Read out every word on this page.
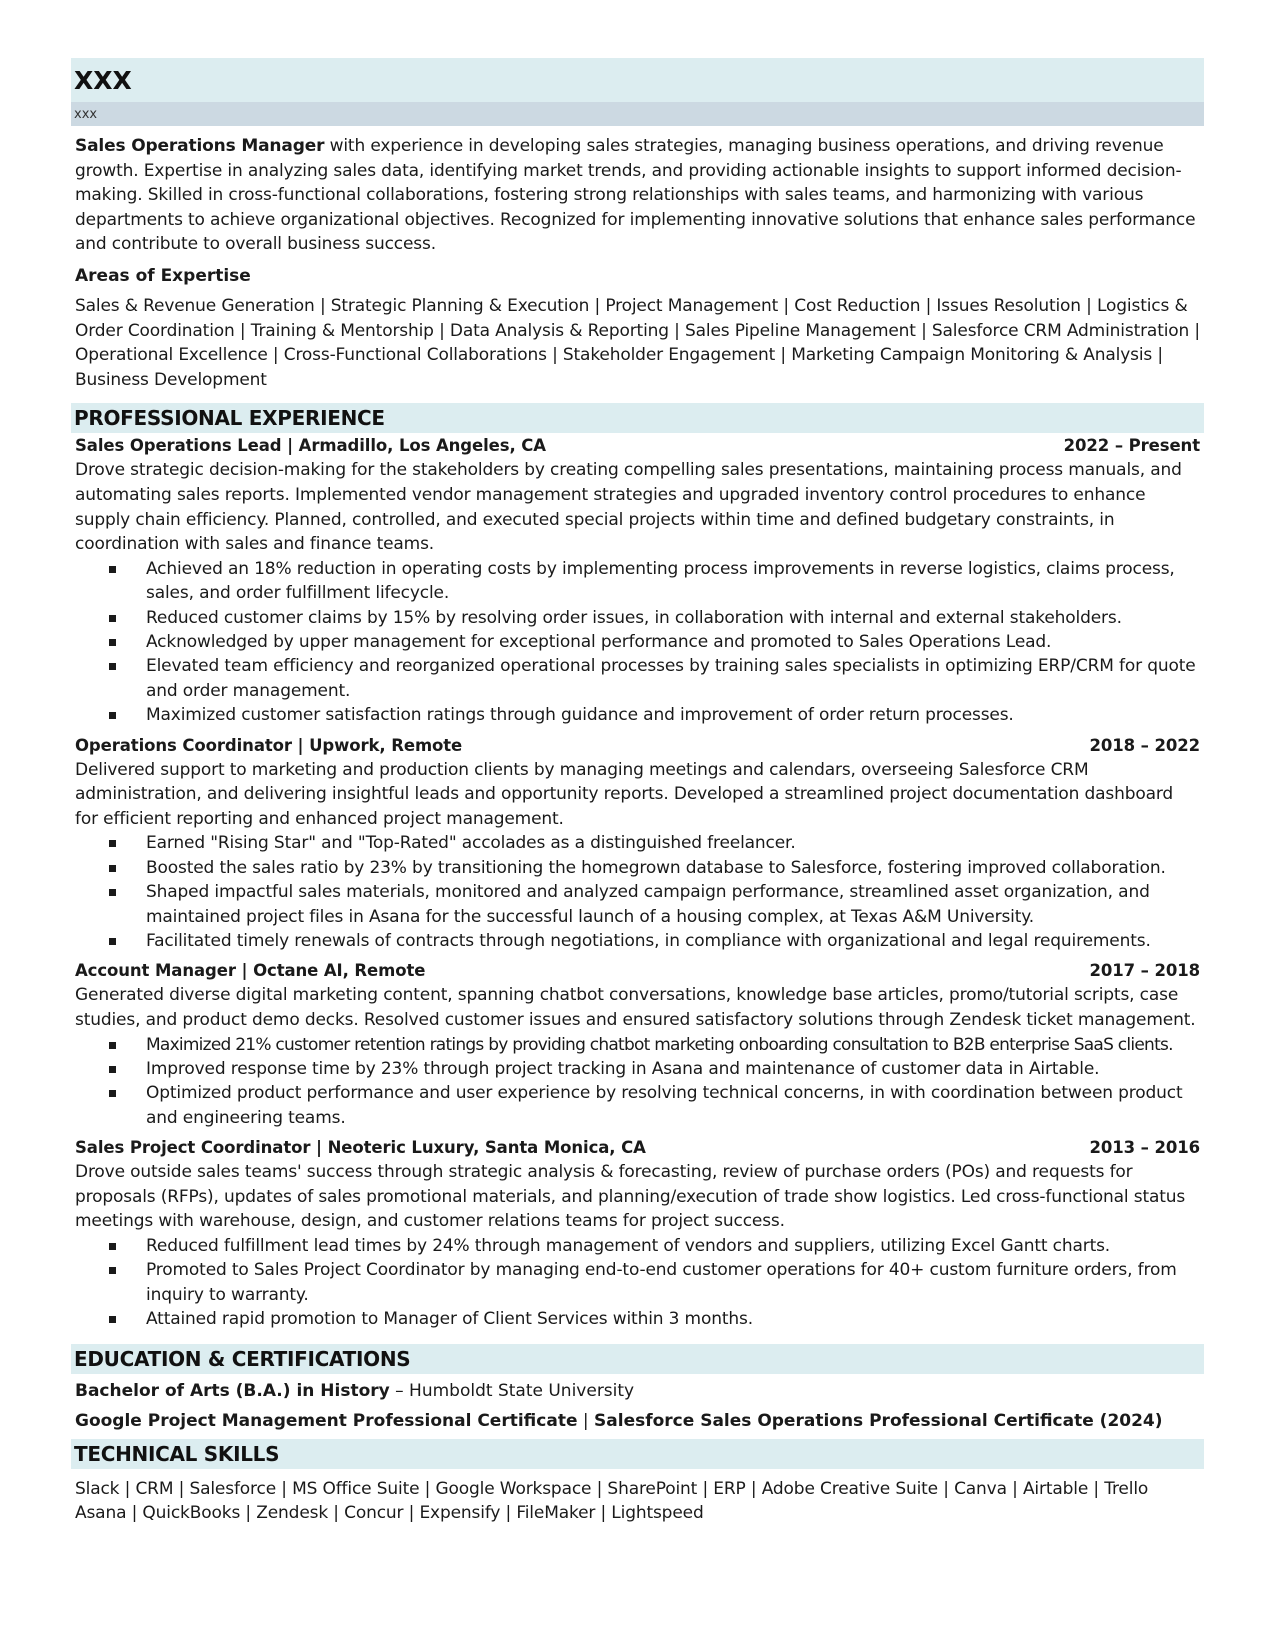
XXX
xxx

Sales Operations Manager with experience in developing sales strategies, managing business operations, and driving revenue growth. Expertise in analyzing sales data, identifying market trends, and providing actionable insights to support informed decision-making. Skilled in cross-functional collaborations, fostering strong relationships with sales teams, and harmonizing with various departments to achieve organizational objectives. Recognized for implementing innovative solutions that enhance sales performance and contribute to overall business success.

Areas of Expertise

Sales & Revenue Generation | Strategic Planning & Execution | Project Management | Cost Reduction | Issues Resolution | Logistics & Order Coordination | Training & Mentorship | Data Analysis & Reporting | Sales Pipeline Management | Salesforce CRM Administration | Operational Excellence | Cross-Functional Collaborations | Stakeholder Engagement | Marketing Campaign Monitoring & Analysis | Business Development

PROFESSIONAL EXPERIENCE
Sales Operations Lead | Armadillo, Los Angeles, CA	2022 – Present

Drove strategic decision-making for the stakeholders by creating compelling sales presentations, maintaining process manuals, and automating sales reports. Implemented vendor management strategies and upgraded inventory control procedures to enhance supply chain efficiency. Planned, controlled, and executed special projects within time and defined budgetary constraints, in coordination with sales and finance teams.

Achieved an 18% reduction in operating costs by implementing process improvements in reverse logistics, claims process, sales, and order fulfillment lifecycle.
Reduced customer claims by 15% by resolving order issues, in collaboration with internal and external stakeholders.
Acknowledged by upper management for exceptional performance and promoted to Sales Operations Lead.
Elevated team efficiency and reorganized operational processes by training sales specialists in optimizing ERP/CRM for quote and order management.
Maximized customer satisfaction ratings through guidance and improvement of order return processes.
Operations Coordinator | Upwork, Remote	2018 – 2022

Delivered support to marketing and production clients by managing meetings and calendars, overseeing Salesforce CRM administration, and delivering insightful leads and opportunity reports. Developed a streamlined project documentation dashboard for efficient reporting and enhanced project management.

Earned "Rising Star" and "Top-Rated" accolades as a distinguished freelancer.
Boosted the sales ratio by 23% by transitioning the homegrown database to Salesforce, fostering improved collaboration.
Shaped impactful sales materials, monitored and analyzed campaign performance, streamlined asset organization, and maintained project files in Asana for the successful launch of a housing complex, at Texas A&M University.
Facilitated timely renewals of contracts through negotiations, in compliance with organizational and legal requirements.
Account Manager | Octane AI, Remote	2017 – 2018

Generated diverse digital marketing content, spanning chatbot conversations, knowledge base articles, promo/tutorial scripts, case studies, and product demo decks. Resolved customer issues and ensured satisfactory solutions through Zendesk ticket management.

Maximized 21% customer retention ratings by providing chatbot marketing onboarding consultation to B2B enterprise SaaS clients.
Improved response time by 23% through project tracking in Asana and maintenance of customer data in Airtable.
Optimized product performance and user experience by resolving technical concerns, in with coordination between product and engineering teams.
Sales Project Coordinator | Neoteric Luxury, Santa Monica, CA	2013 – 2016

Drove outside sales teams' success through strategic analysis & forecasting, review of purchase orders (POs) and requests for proposals (RFPs), updates of sales promotional materials, and planning/execution of trade show logistics. Led cross-functional status meetings with warehouse, design, and customer relations teams for project success.

Reduced fulfillment lead times by 24% through management of vendors and suppliers, utilizing Excel Gantt charts.
Promoted to Sales Project Coordinator by managing end-to-end customer operations for 40+ custom furniture orders, from inquiry to warranty.
Attained rapid promotion to Manager of Client Services within 3 months.
EDUCATION & CERTIFICATIONS
Bachelor of Arts (B.A.) in History – Humboldt State University
Google Project Management Professional Certificate | Salesforce Sales Operations Professional Certificate (2024)
TECHNICAL SKILLS

Slack | CRM | Salesforce | MS Office Suite | Google Workspace | SharePoint | ERP | Adobe Creative Suite | Canva | Airtable | Trello Asana | QuickBooks | Zendesk | Concur | Expensify | FileMaker | Lightspeed
